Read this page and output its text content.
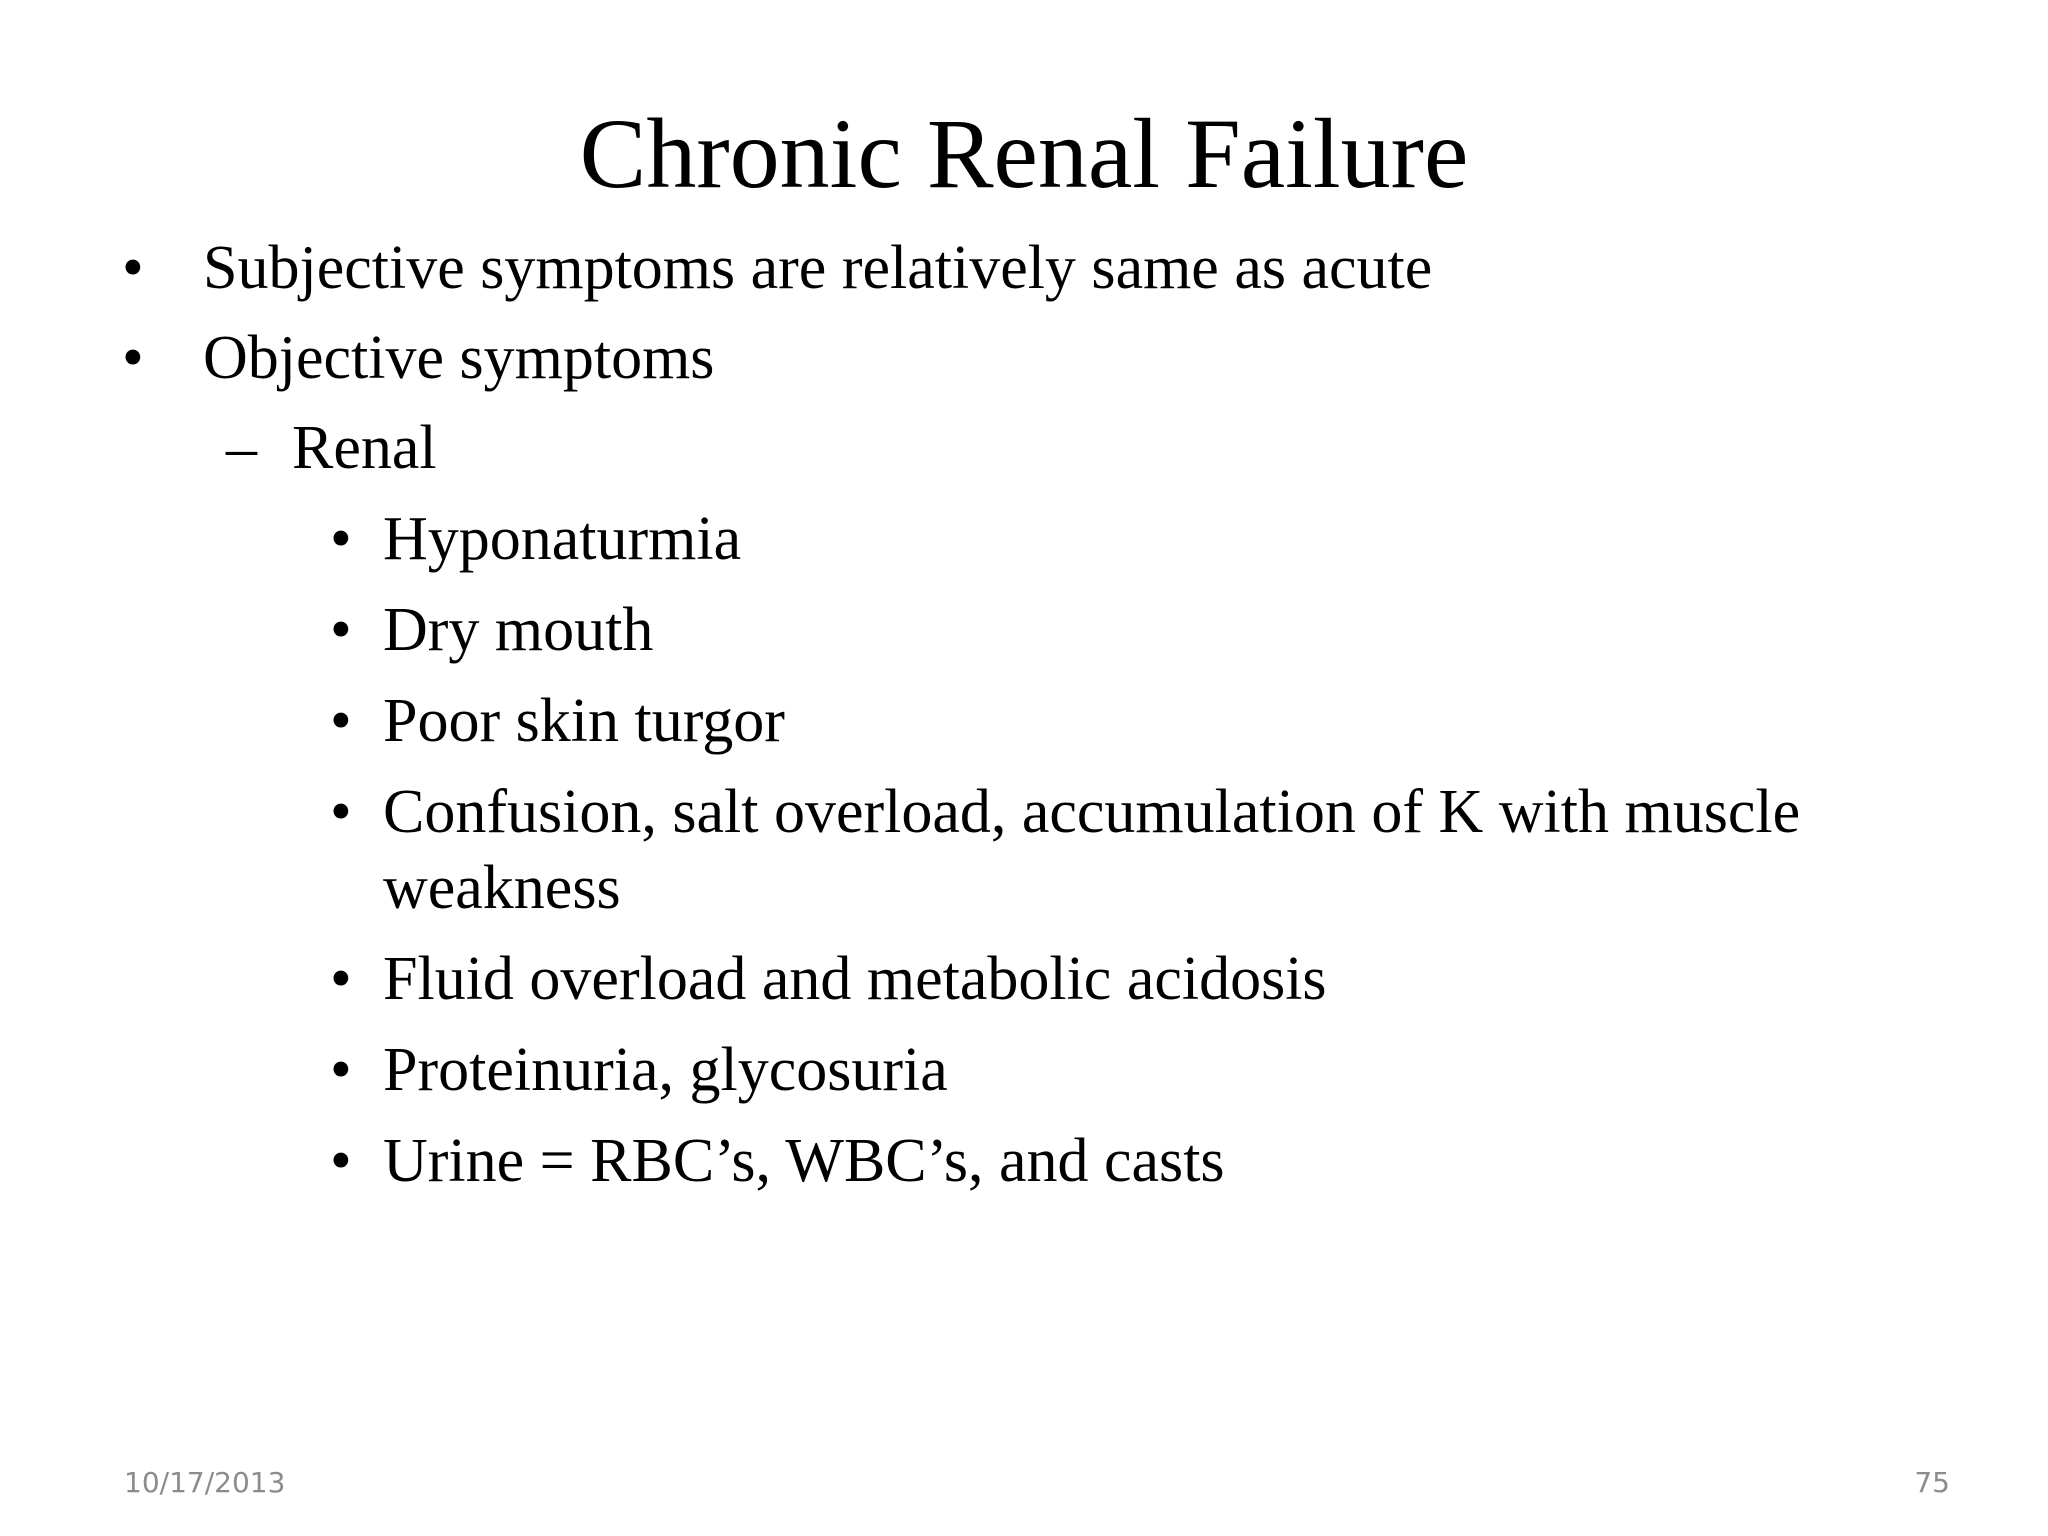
Chronic Renal Failure
• Subjective symptoms are relatively same as acute
• Objective symptoms
– Renal
• Hyponaturmia
• Dry mouth
• Poor skin turgor
• Confusion, salt overload, accumulation of K with muscle
weakness
• Fluid overload and metabolic acidosis
• Proteinuria, glycosuria
• Urine = RBC’s, WBC’s, and casts
10/17/2013	75
